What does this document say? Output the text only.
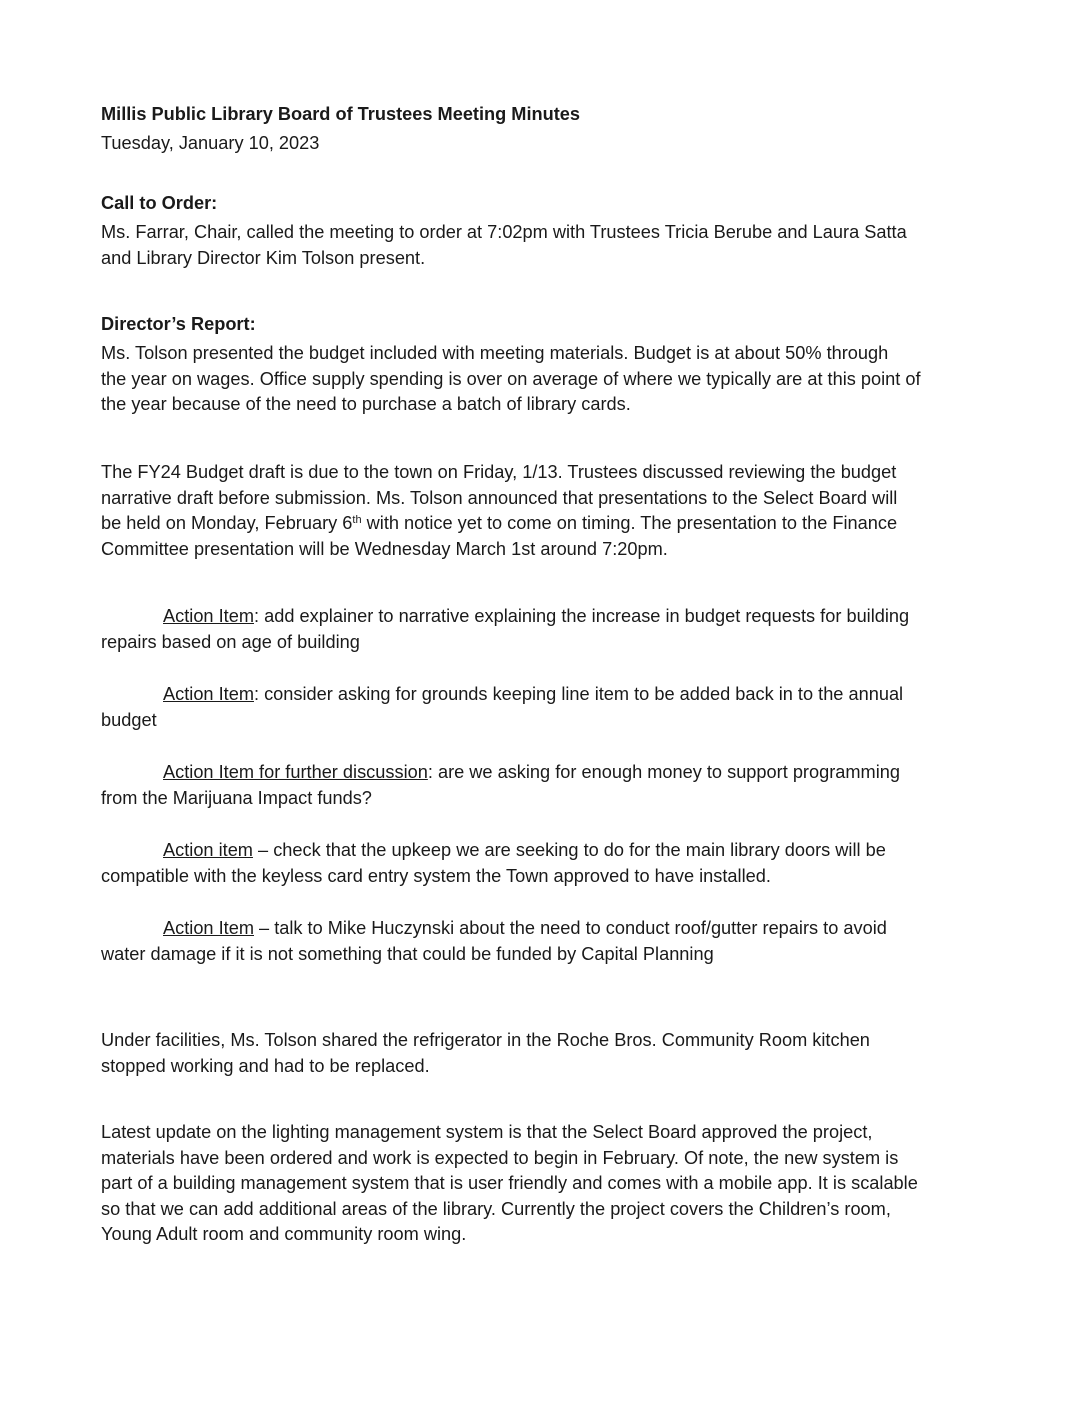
Millis Public Library Board of Trustees Meeting Minutes

Tuesday, January 10, 2023

Call to Order:

Ms. Farrar, Chair, called the meeting to order at 7:02pm with Trustees Tricia Berube and Laura Satta
and Library Director Kim Tolson present.

Director’s Report:

Ms. Tolson presented the budget included with meeting materials. Budget is at about 50% through
the year on wages. Office supply spending is over on average of where we typically are at this point of
the year because of the need to purchase a batch of library cards.
The FY24 Budget draft is due to the town on Friday, 1/13. Trustees discussed reviewing the budget
narrative draft before submission. Ms. Tolson announced that presentations to the Select Board will
be held on Monday, February 6th with notice yet to come on timing. The presentation to the Finance
Committee presentation will be Wednesday March 1st around 7:20pm.
Action Item: add explainer to narrative explaining the increase in budget requests for building
repairs based on age of building
Action Item: consider asking for grounds keeping line item to be added back in to the annual
budget
Action Item for further discussion: are we asking for enough money to support programming
from the Marijuana Impact funds?
Action item – check that the upkeep we are seeking to do for the main library doors will be
compatible with the keyless card entry system the Town approved to have installed.
Action Item – talk to Mike Huczynski about the need to conduct roof/gutter repairs to avoid
water damage if it is not something that could be funded by Capital Planning
Under facilities, Ms. Tolson shared the refrigerator in the Roche Bros. Community Room kitchen
stopped working and had to be replaced.
Latest update on the lighting management system is that the Select Board approved the project,
materials have been ordered and work is expected to begin in February. Of note, the new system is
part of a building management system that is user friendly and comes with a mobile app. It is scalable
so that we can add additional areas of the library. Currently the project covers the Children’s room,
Young Adult room and community room wing.
